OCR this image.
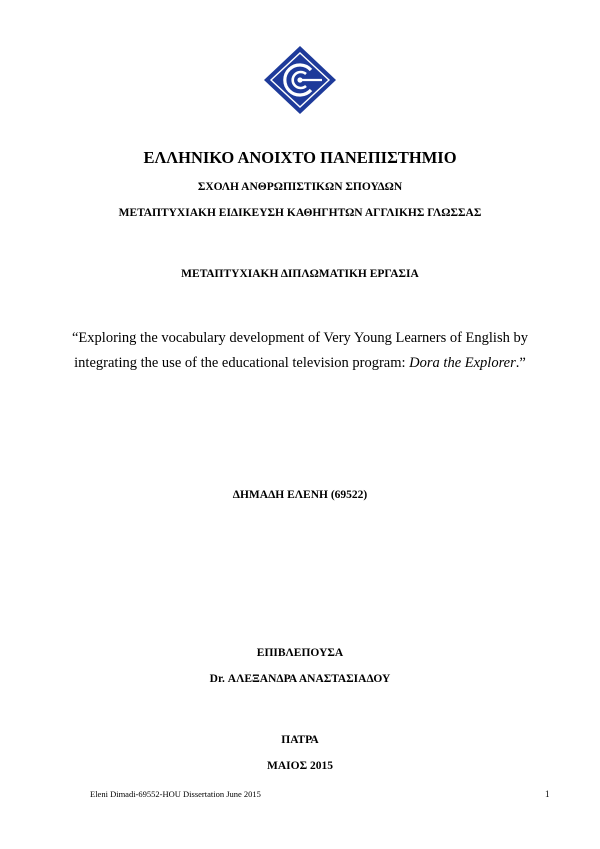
ΕΛΛΗΝΙΚΟ ΑΝΟΙΧΤΟ ΠΑΝΕΠΙΣΤΗΜΙΟ
ΣΧΟΛΗ ΑΝΘΡΩΠΙΣΤΙΚΩΝ ΣΠΟΥΔΩΝ
ΜΕΤΑΠΤΥΧΙΑΚΗ ΕΙΔΙΚΕΥΣΗ ΚΑΘΗΓΗΤΩΝ ΑΓΓΛΙΚΗΣ ΓΛΩΣΣΑΣ
ΜΕΤΑΠΤΥΧΙΑΚΗ ΔΙΠΛΩΜΑΤΙΚΗ ΕΡΓΑΣΙΑ
“Exploring the vocabulary development of Very Young Learners of English by
integrating the use of the educational television program: Dora the Explorer.”
ΔΗΜΑΔΗ ΕΛΕΝΗ (69522)
ΕΠΙΒΛΕΠΟΥΣΑ
Dr. ΑΛΕΞΑΝΔΡΑ ΑΝΑΣΤΑΣΙΑΔΟΥ
ΠΑΤΡΑ
ΜΑΙΟΣ 2015
Eleni Dimadi-69552-HOU Dissertation June 2015	1
